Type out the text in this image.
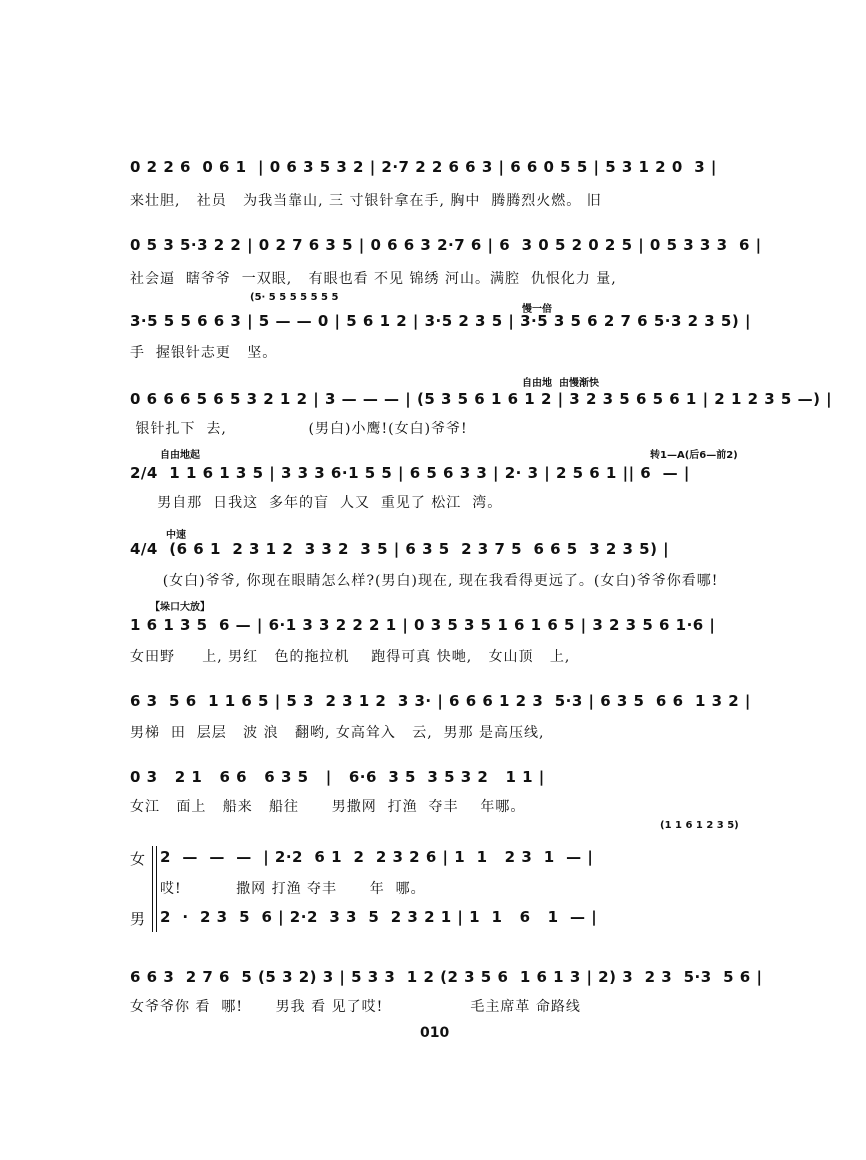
0 2 2 6  0 6 1  | 0 6 3 5 3 2 | 2·7 2 2 6 6 3 | 6 6 0 5 5 | 5 3 1 2 0  3 |
来壮胆,   社员   为我当靠山, 三 寸银针拿在手, 胸中  腾腾烈火燃。 旧
0 5 3 5·3 2 2 | 0 2 7 6 3 5 | 0 6 6 3 2·7 6 | 6  3 0 5 2 0 2 5 | 0 5 3 3 3  6 |
社会逼  瞎爷爷  一双眼,   有眼也看 不见 锦绣 河山。满腔  仇恨化力 量,
(5· 5 5 5 5 5 5 5
慢一倍
3·5 5 5 6 6 3 | 5 — — 0 | 5 6 1 2 | 3·5 2 3 5 | 3·5 3 5 6 2 7 6 5·3 2 3 5) |
手  握银针志更   坚。
自由地  由慢渐快
0 6 6 6 5 6 5 3 2 1 2 | 3 — — — | (5 3 5 6 1 6 1 2 | 3 2 3 5 6 5 6 1 | 2 1 2 3 5 —) |
银针扎下  去,               (男白)小鹰!(女白)爷爷!
自由地起	转1—A(后6—前2)
2/4  1 1 6 1 3 5 | 3 3 3 6·1 5 5 | 6 5 6 3 3 | 2· 3 | 2 5 6 1 || 6  — |
男自那  日我这  多年的盲  人又  重见了 松江  湾。
中速
4/4  (6 6 1  2 3 1 2  3 3 2  3 5 | 6 3 5  2 3 7 5  6 6 5  3 2 3 5) |
(女白)爷爷, 你现在眼睛怎么样?(男白)现在, 现在我看得更远了。(女白)爷爷你看哪!
【垛口大放】
1 6 1 3 5  6 — | 6·1 3 3 2 2 2 1 | 0 3 5 3 5 1 6 1 6 5 | 3 2 3 5 6 1·6 |
女田野     上, 男红   色的拖拉机    跑得可真 快哋,   女山顶   上,
6 3  5 6  1 1 6 5 | 5 3  2 3 1 2  3 3· | 6 6 6 1 2 3  5·3 | 6 3 5  6 6  1 3 2 |
男梯  田  层层   波 浪   翻哟, 女高耸入   云,  男那 是高压线,
0 3   2 1   6 6   6 3 5   |   6·6  3 5  3 5 3 2   1 1 |
女江   面上   船来   船往      男撒网  打渔  夺丰    年哪。
(1 1 6 1 2 3 5)
女 2  —  —  —  | 2·2  6 1  2  2 3 2 6 | 1  1   2 3  1  — |
哎!          撒网 打渔 夺丰      年  哪。
男 2  ·  2 3  5  6 | 2·2  3 3  5  2 3 2 1 | 1  1   6   1  — |
6 6 3  2 7 6  5 (5 3 2) 3 | 5 3 3  1 2 (2 3 5 6  1 6 1 3 | 2) 3  2 3  5·3  5 6 |
女爷爷你 看  哪!      男我 看 见了哎!                毛主席革 命路线
010
